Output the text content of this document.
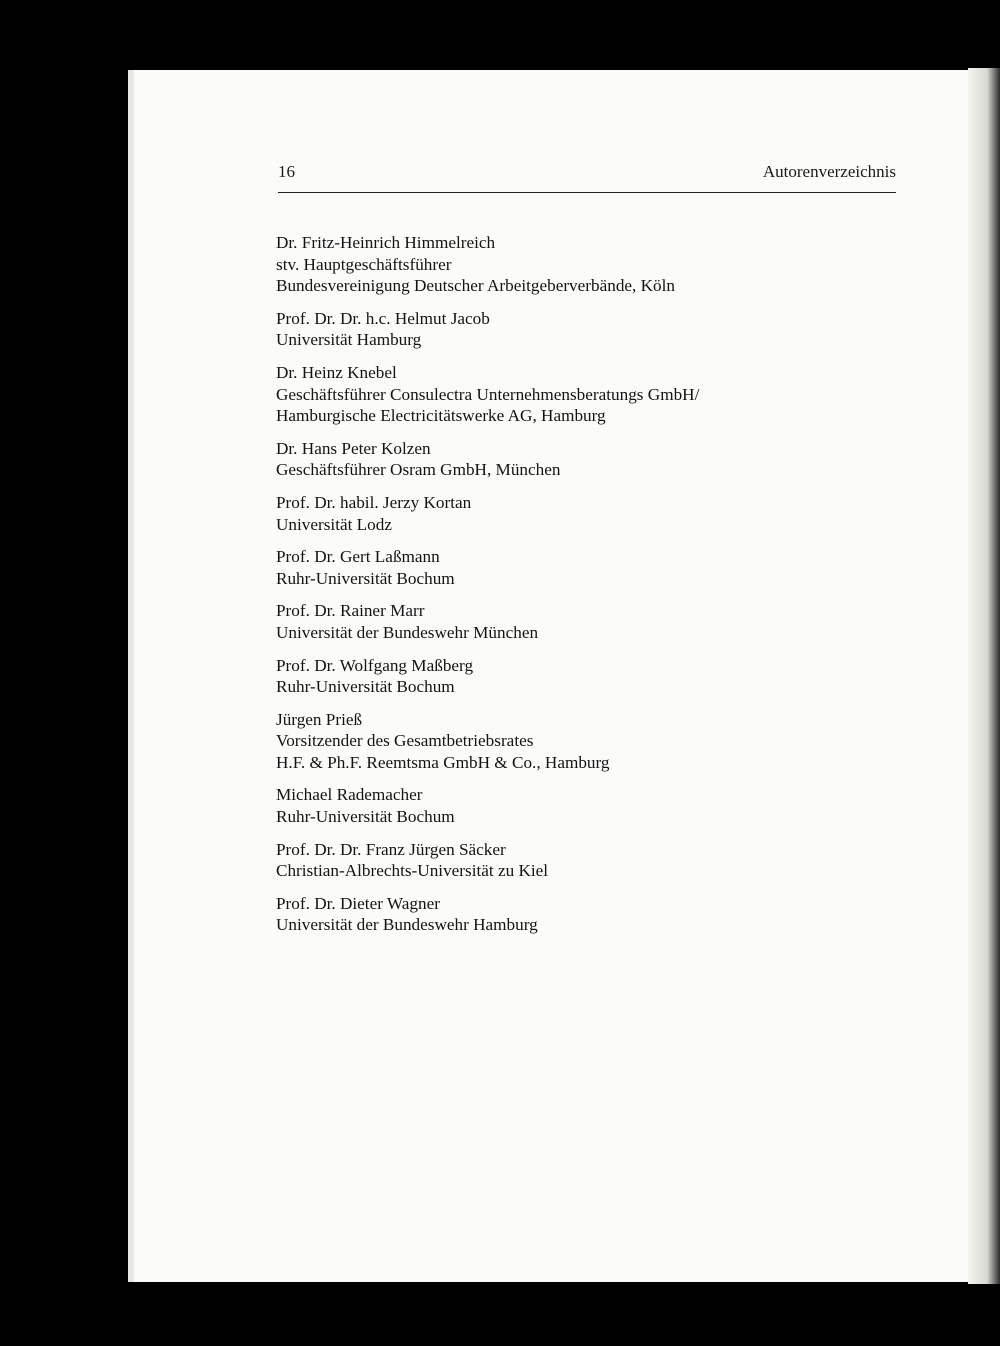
16	Autorenverzeichnis
Dr. Fritz-Heinrich Himmelreich
stv. Hauptgeschäftsführer
Bundesvereinigung Deutscher Arbeitgeberverbände, Köln
Prof. Dr. Dr. h.c. Helmut Jacob
Universität Hamburg
Dr. Heinz Knebel
Geschäftsführer Consulectra Unternehmensberatungs GmbH/
Hamburgische Electricitätswerke AG, Hamburg
Dr. Hans Peter Kolzen
Geschäftsführer Osram GmbH, München
Prof. Dr. habil. Jerzy Kortan
Universität Lodz
Prof. Dr. Gert Laßmann
Ruhr-Universität Bochum
Prof. Dr. Rainer Marr
Universität der Bundeswehr München
Prof. Dr. Wolfgang Maßberg
Ruhr-Universität Bochum
Jürgen Prieß
Vorsitzender des Gesamtbetriebsrates
H.F. & Ph.F. Reemtsma GmbH & Co., Hamburg
Michael Rademacher
Ruhr-Universität Bochum
Prof. Dr. Dr. Franz Jürgen Säcker
Christian-Albrechts-Universität zu Kiel
Prof. Dr. Dieter Wagner
Universität der Bundeswehr Hamburg
